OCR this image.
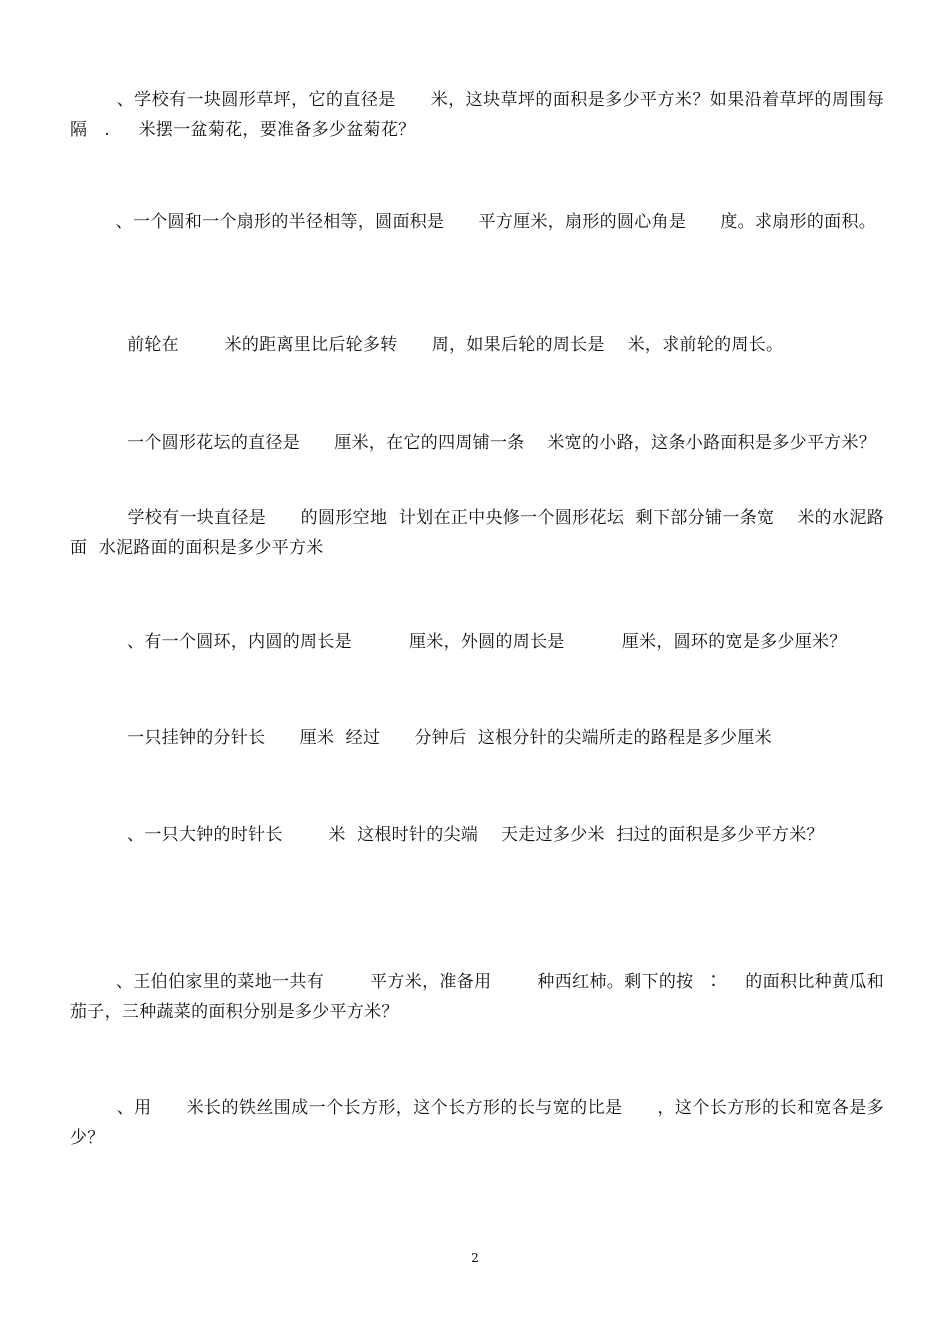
、学校有一块圆形草坪，它的直径是      米，这块草坪的面积是多少平方米？如果沿着草坪的周围每隔   .     米摆一盆菊花，要准备多少盆菊花？

、一个圆和一个扇形的半径相等，圆面积是      平方厘米，扇形的圆心角是      度。求扇形的面积。

前轮在        米的距离里比后轮多转      周，如果后轮的周长是    米，求前轮的周长。

一个圆形花坛的直径是      厘米，在它的四周铺一条    米宽的小路，这条小路面积是多少平方米？

学校有一块直径是      的圆形空地  计划在正中央修一个圆形花坛  剩下部分铺一条宽    米的水泥路面  水泥路面的面积是多少平方米

、有一个圆环，内圆的周长是          厘米，外圆的周长是          厘米，圆环的宽是多少厘米？

一只挂钟的分针长      厘米  经过      分钟后  这根分针的尖端所走的路程是多少厘米

、一只大钟的时针长        米  这根时针的尖端    天走过多少米  扫过的面积是多少平方米？

、王伯伯家里的菜地一共有        平方米，准备用        种西红柿。剩下的按  ∶    的面积比种黄瓜和茄子，三种蔬菜的面积分别是多少平方米？

、用      米长的铁丝围成一个长方形，这个长方形的长与宽的比是      ，这个长方形的长和宽各是多少？

2
